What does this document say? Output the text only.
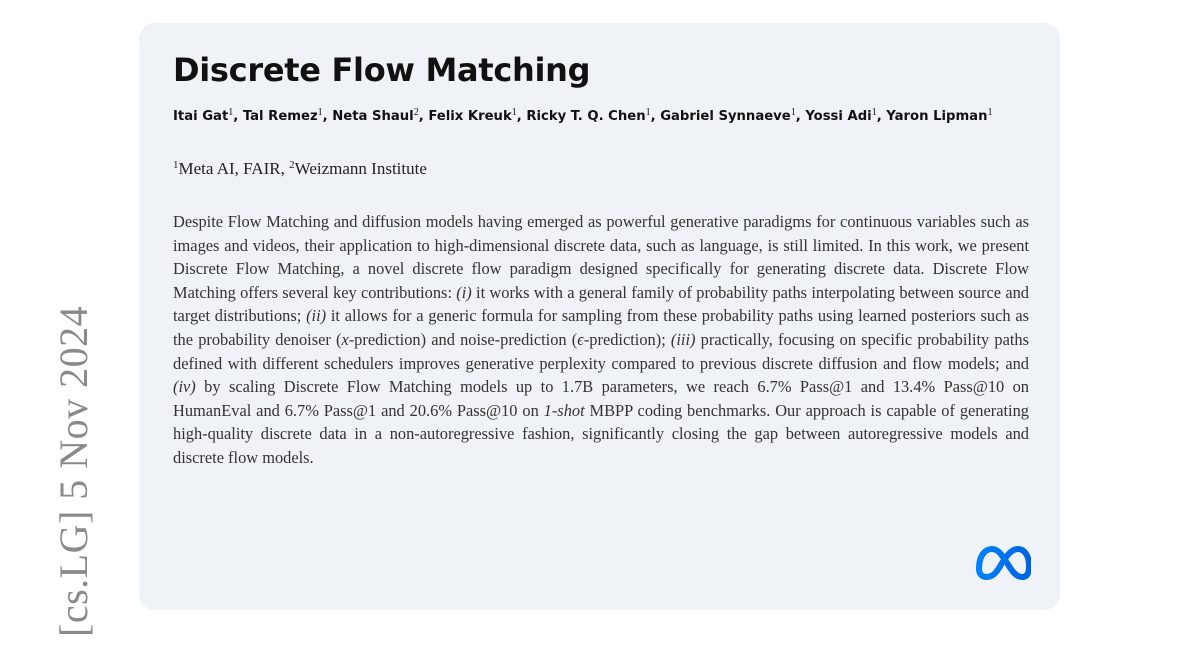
[cs.LG] 5 Nov 2024
Discrete Flow Matching
Itai Gat$^1$, Tal Remez$^1$, Neta Shaul$^2$, Felix Kreuk$^1$, Ricky T. Q. Chen$^1$, Gabriel Synnaeve$^1$, Yossi Adi$^1$, Yaron Lipman$^1$
$^1$Meta AI, FAIR, $^2$Weizmann Institute
Despite Flow Matching and diffusion models having emerged as powerful generative paradigms for continuous variables such as images and videos, their application to high-dimensional discrete data, such as language, is still limited. In this work, we present Discrete Flow Matching, a novel discrete flow paradigm designed specifically for generating discrete data. Discrete Flow Matching offers several key contributions: (i) it works with a general family of probability paths interpolating between source and target distributions; (ii) it allows for a generic formula for sampling from these probability paths using learned posteriors such as the probability denoiser (x-prediction) and noise-prediction (ϵ-prediction); (iii) practically, focusing on specific probability paths defined with different schedulers improves generative perplexity compared to previous discrete diffusion and flow models; and (iv) by scaling Discrete Flow Matching models up to 1.7B parameters, we reach 6.7% Pass@1 and 13.4% Pass@10 on HumanEval and 6.7% Pass@1 and 20.6% Pass@10 on 1-shot MBPP coding benchmarks. Our approach is capable of generating high-quality discrete data in a non-autoregressive fashion, significantly closing the gap between autoregressive models and discrete flow models.
